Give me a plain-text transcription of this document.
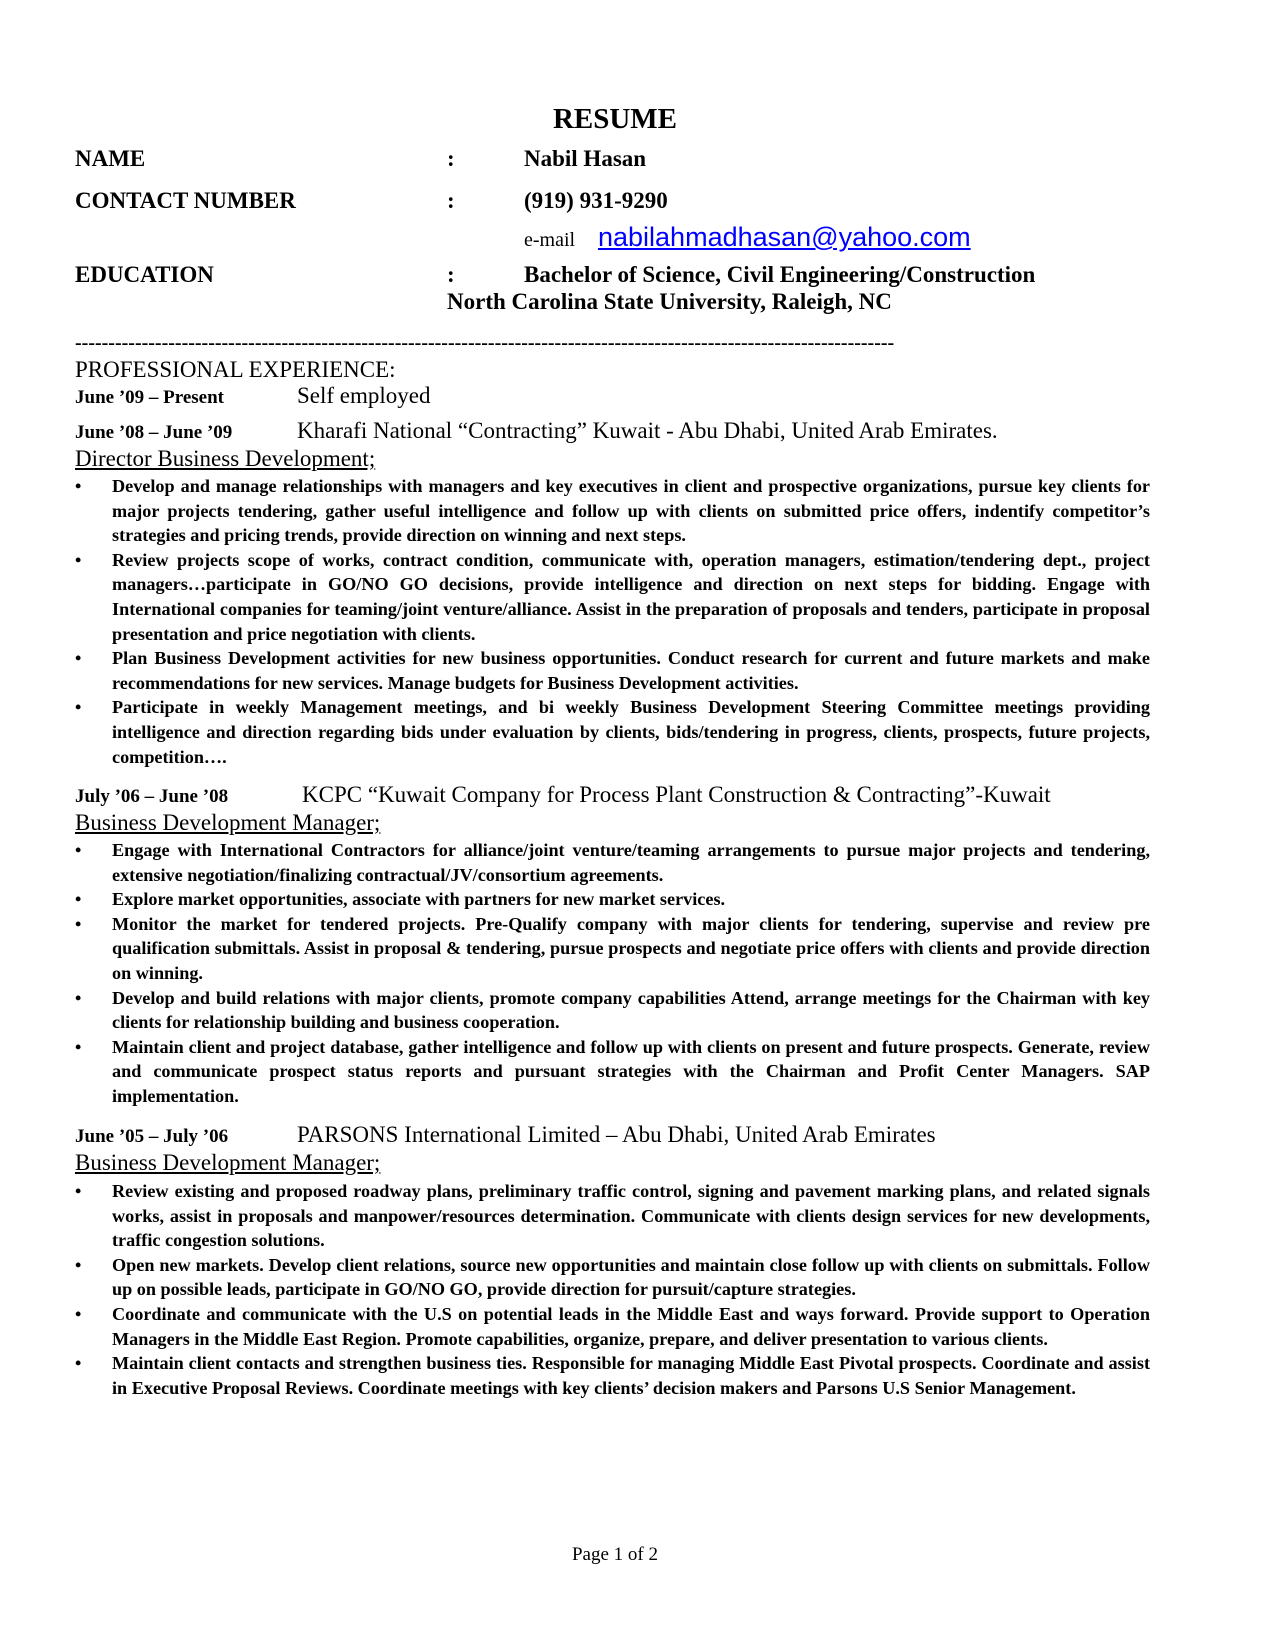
RESUME
NAME	:	Nabil Hasan
CONTACT NUMBER	:	(919) 931-9290
e-mail nabilahmadhasan@yahoo.com
EDUCATION	:	Bachelor of Science, Civil Engineering/Construction
North Carolina State University, Raleigh, NC
---------------------------------------------------------------------------------------------------------------------------
PROFESSIONAL EXPERIENCE:
June ’09 – Present	Self employed
June ’08 – June ’09	Kharafi National “Contracting” Kuwait - Abu Dhabi, United Arab Emirates.
Director Business Development;
• Develop and manage relationships with managers and key executives in client and prospective organizations, pursue key clients for major projects tendering, gather useful intelligence and follow up with clients on submitted price offers, indentify competitor’s strategies and pricing trends, provide direction on winning and next steps.
• Review projects scope of works, contract condition, communicate with, operation managers, estimation/tendering dept., project managers…participate in GO/NO GO decisions, provide intelligence and direction on next steps for bidding. Engage with International companies for teaming/joint venture/alliance. Assist in the preparation of proposals and tenders, participate in proposal presentation and price negotiation with clients.
• Plan Business Development activities for new business opportunities. Conduct research for current and future markets and make recommendations for new services. Manage budgets for Business Development activities.
• Participate in weekly Management meetings, and bi weekly Business Development Steering Committee meetings providing intelligence and direction regarding bids under evaluation by clients, bids/tendering in progress, clients, prospects, future projects, competition….
July ’06 – June ’08	KCPC “Kuwait Company for Process Plant Construction & Contracting”-Kuwait
Business Development Manager;
• Engage with International Contractors for alliance/joint venture/teaming arrangements to pursue major projects and tendering, extensive negotiation/finalizing contractual/JV/consortium agreements.
• Explore market opportunities, associate with partners for new market services.
• Monitor the market for tendered projects. Pre-Qualify company with major clients for tendering, supervise and review pre qualification submittals. Assist in proposal & tendering, pursue prospects and negotiate price offers with clients and provide direction on winning.
• Develop and build relations with major clients, promote company capabilities Attend, arrange meetings for the Chairman with key clients for relationship building and business cooperation.
• Maintain client and project database, gather intelligence and follow up with clients on present and future prospects. Generate, review and communicate prospect status reports and pursuant strategies with the Chairman and Profit Center Managers. SAP implementation.
June ’05 – July ’06	PARSONS International Limited – Abu Dhabi, United Arab Emirates
Business Development Manager;
• Review existing and proposed roadway plans, preliminary traffic control, signing and pavement marking plans, and related signals works, assist in proposals and manpower/resources determination. Communicate with clients design services for new developments, traffic congestion solutions.
• Open new markets. Develop client relations, source new opportunities and maintain close follow up with clients on submittals. Follow up on possible leads, participate in GO/NO GO, provide direction for pursuit/capture strategies.
• Coordinate and communicate with the U.S on potential leads in the Middle East and ways forward. Provide support to Operation Managers in the Middle East Region. Promote capabilities, organize, prepare, and deliver presentation to various clients.
• Maintain client contacts and strengthen business ties. Responsible for managing Middle East Pivotal prospects. Coordinate and assist in Executive Proposal Reviews. Coordinate meetings with key clients’ decision makers and Parsons U.S Senior Management.
Page 1 of 2
